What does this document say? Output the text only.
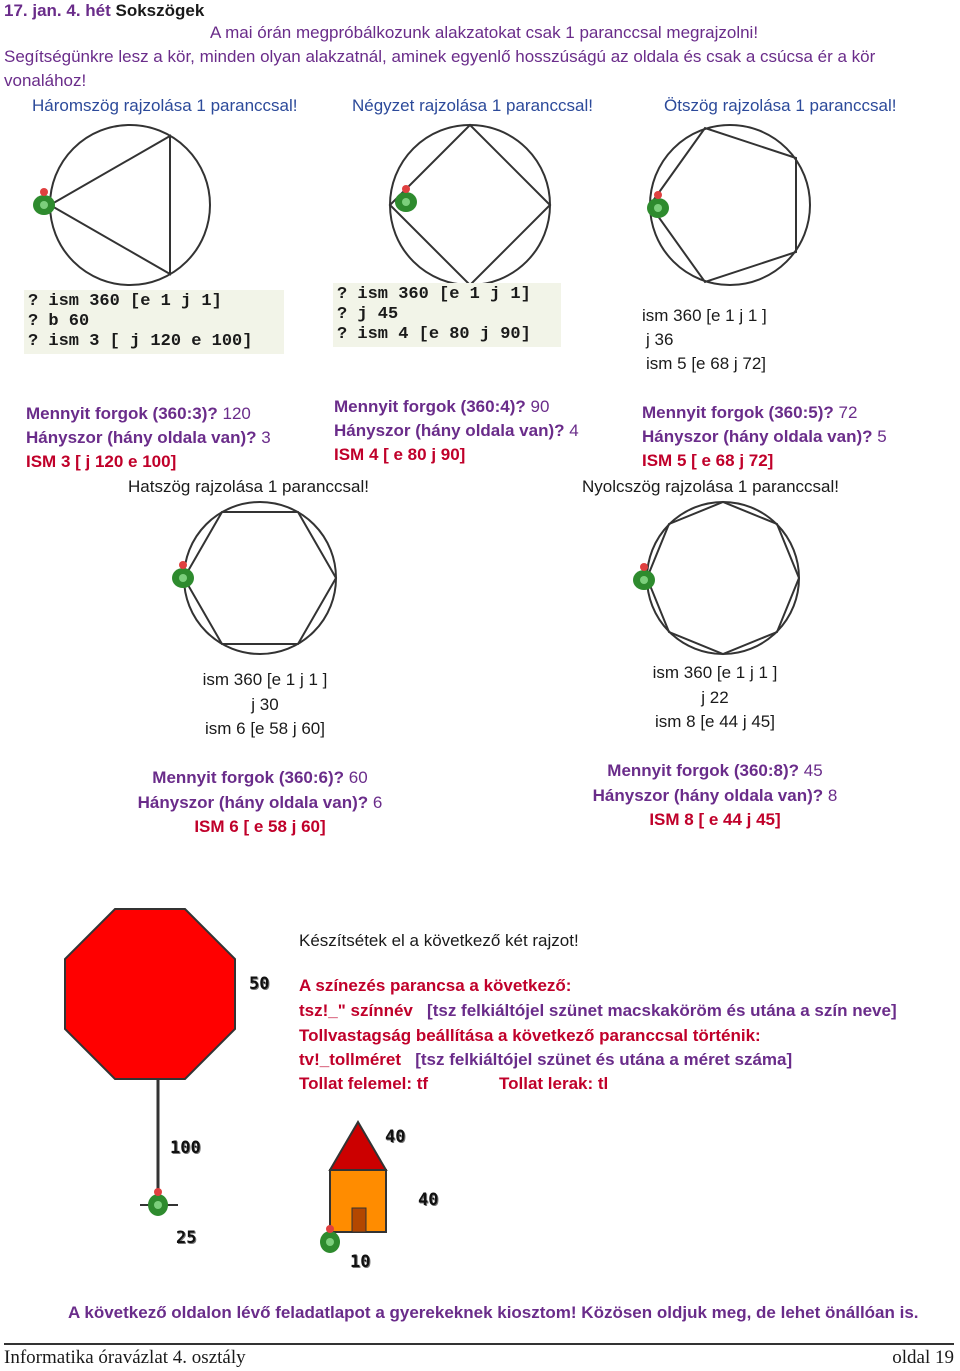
17. jan. 4. hét Sokszögek
A mai órán megpróbálkozunk alakzatokat csak 1 paranccsal megrajzolni!
Segítségünkre lesz a kör, minden olyan alakzatnál, aminek egyenlő hosszúságú az oldala és csak a csúcsa ér a kör
vonalához!
Háromszög rajzolása 1 paranccsal!	Négyzet rajzolása 1 paranccsal!	Ötszög rajzolása 1 paranccsal!
? ism 360 [e 1 j 1]
? b 60
? ism 3 [ j 120 e 100]
? ism 360 [e 1 j 1]
? j 45
? ism 4 [e 80 j 90]
ism 360 [e 1 j 1 ]
j 36
ism 5 [e 68 j 72]
Mennyit forgok (360:3)? 120
Hányszor (hány oldala van)? 3
ISM 3 [ j 120 e 100]
Mennyit forgok (360:4)? 90
Hányszor (hány oldala van)? 4
ISM 4 [ e 80 j 90]
Mennyit forgok (360:5)? 72
Hányszor (hány oldala van)? 5
ISM 5 [ e 68 j 72]
Hatszög rajzolása 1 paranccsal!	Nyolcszög rajzolása 1 paranccsal!
ism 360 [e 1 j 1 ]
j 30
ism 6 [e 58 j 60]
Mennyit forgok (360:6)? 60
Hányszor (hány oldala van)? 6
ISM 6 [ e 58 j 60]
ism 360 [e 1 j 1 ]
j 22
ism 8 [e 44 j 45]
Mennyit forgok (360:8)? 45
Hányszor (hány oldala van)? 8
ISM 8 [ e 44 j 45]
50
100
25
40
40
10
Készítsétek el a következő két rajzot!
A színezés parancsa a következő:
tsz!_" színnév [tsz felkiáltójel szünet macskaköröm és utána a szín neve]
Tollvastagság beállítása a következő paranccsal történik:
tv!_tollméret [tsz felkiáltójel szünet és utána a méret száma]
Tollat felemel: tf	Tollat lerak: tl
A következő oldalon lévő feladatlapot a gyerekeknek kiosztom! Közösen oldjuk meg, de lehet önállóan is.
Informatika óravázlat 4. osztály	oldal 19
